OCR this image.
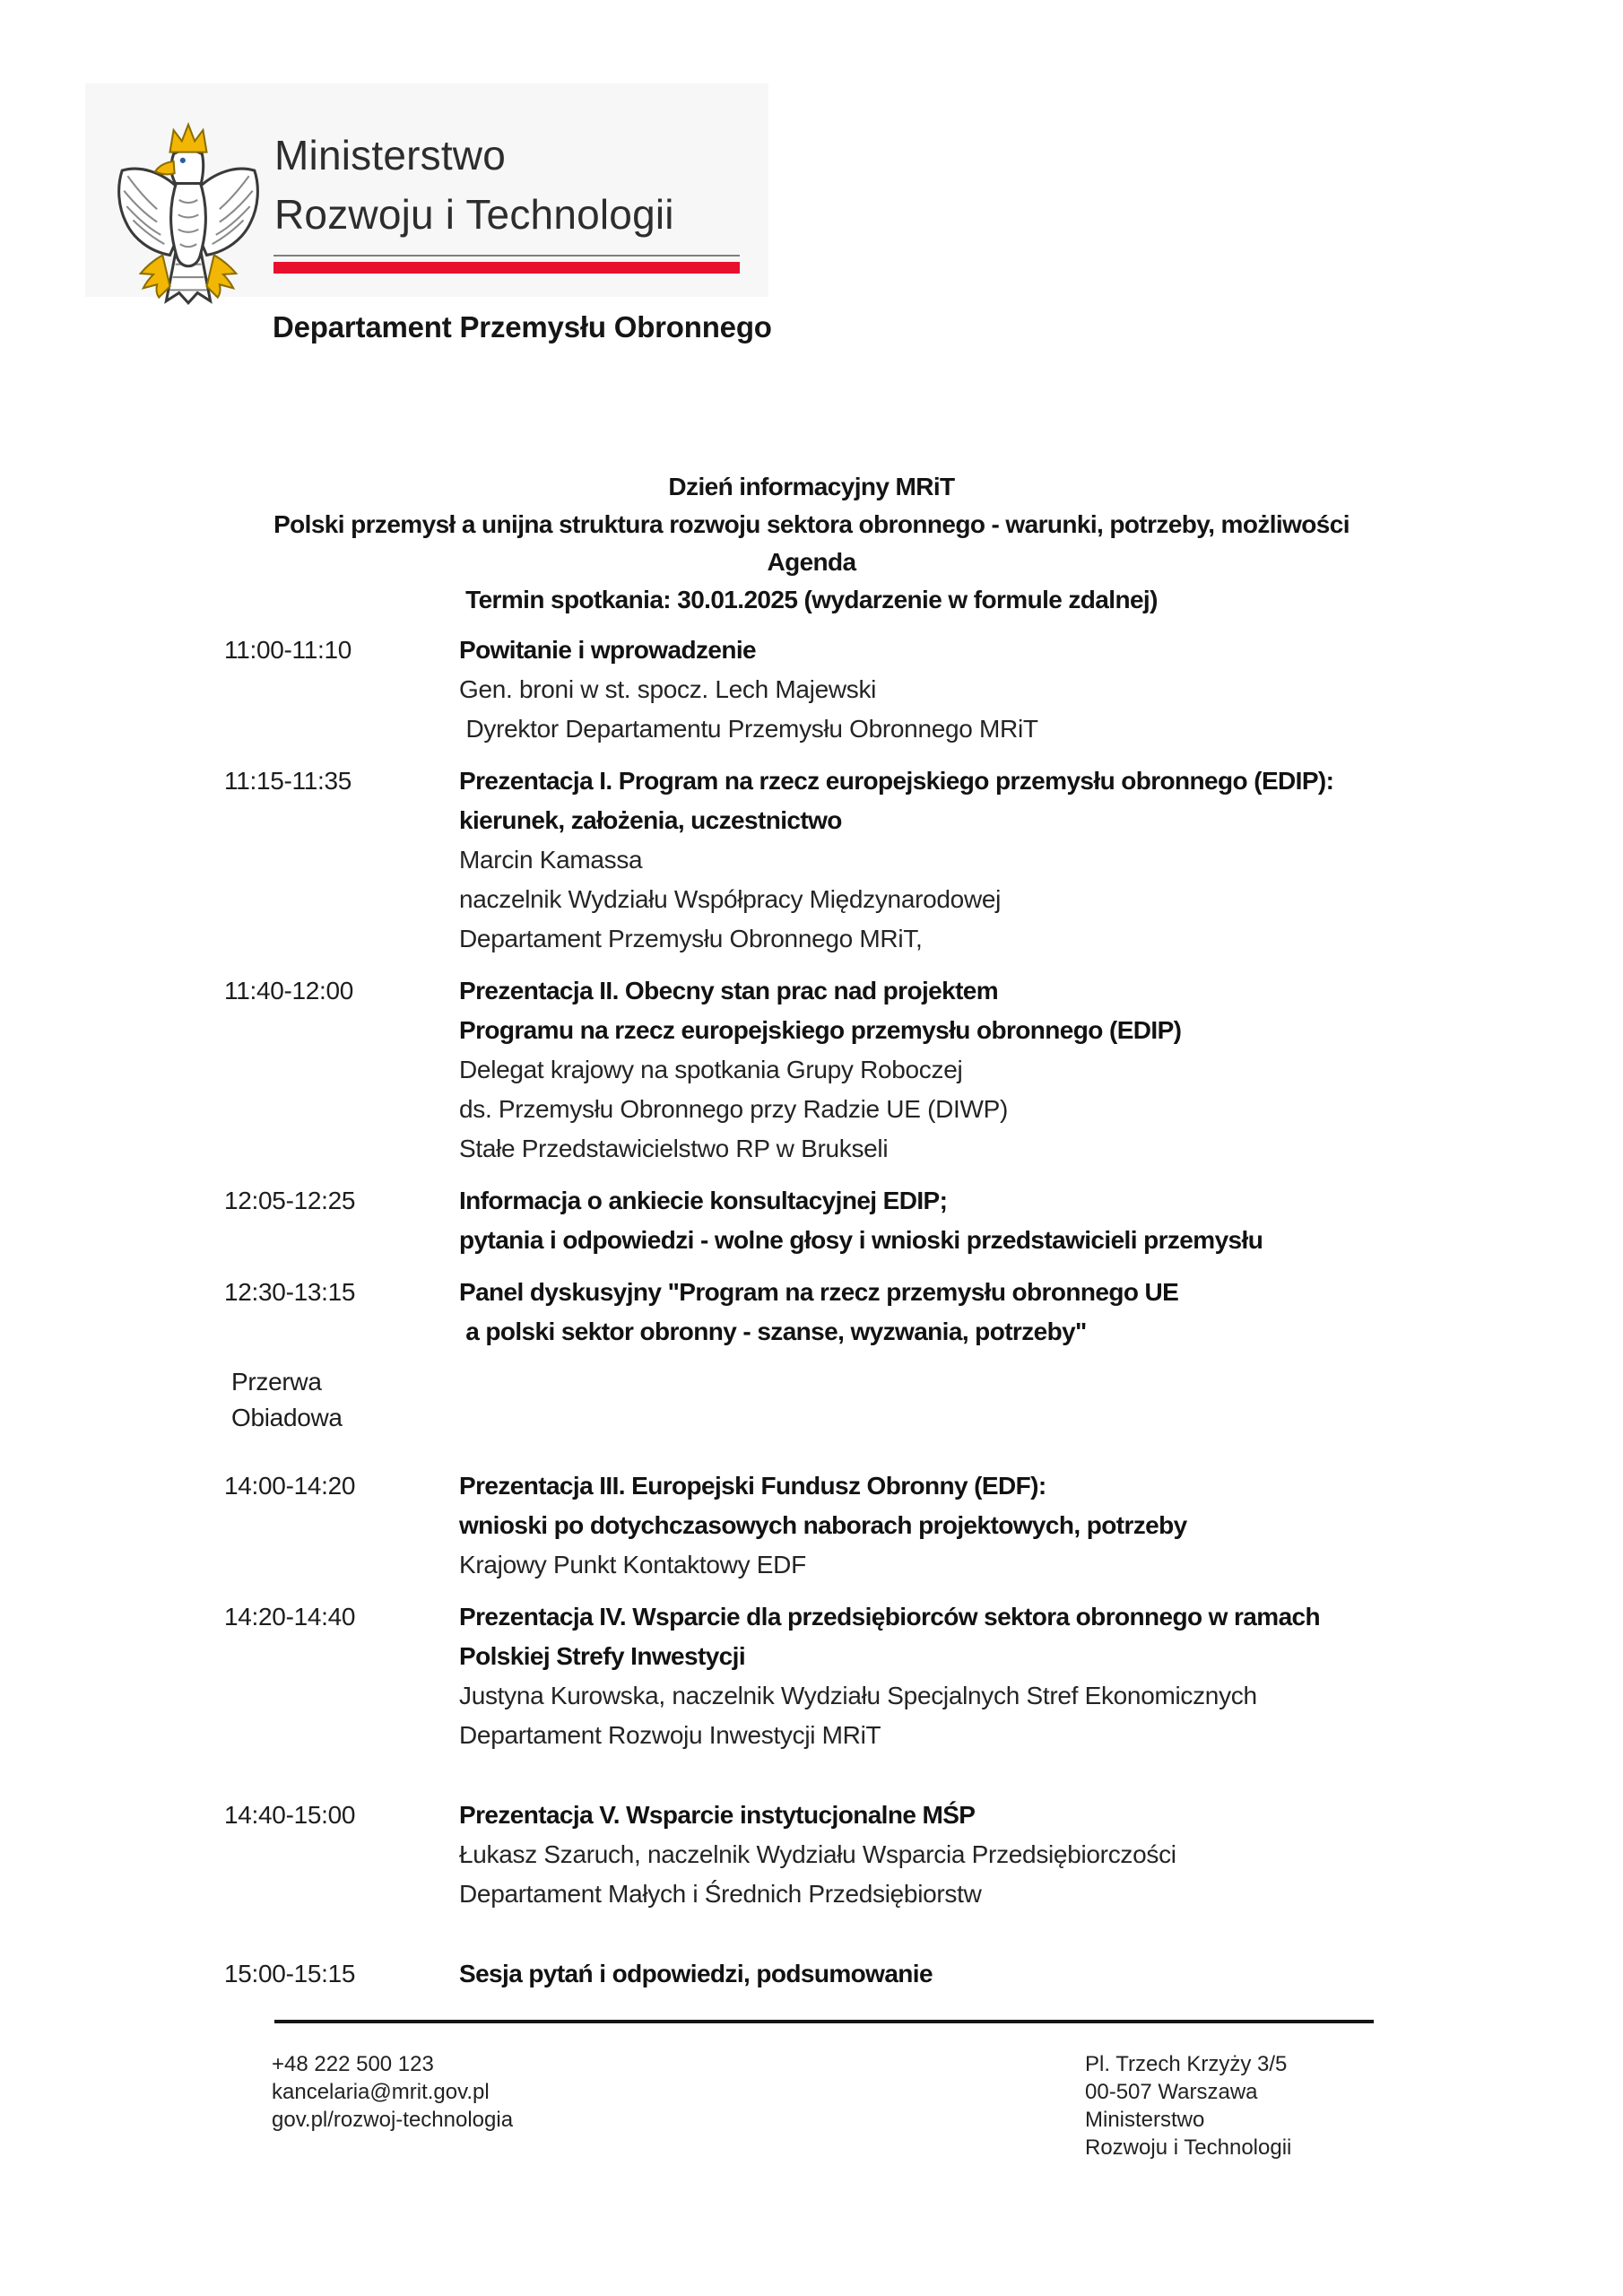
Ministerstwo
Rozwoju i Technologii
Departament Przemysłu Obronnego
Dzień informacyjny MRiT
Polski przemysł a unijna struktura rozwoju sektora obronnego - warunki, potrzeby, możliwości
Agenda
Termin spotkania: 30.01.2025 (wydarzenie w formule zdalnej)
11:00-11:10	Powitanie i wprowadzenie
Gen. broni w st. spocz. Lech Majewski
Dyrektor Departamentu Przemysłu Obronnego MRiT
11:15-11:35	Prezentacja I. Program na rzecz europejskiego przemysłu obronnego (EDIP):
kierunek, założenia, uczestnictwo
Marcin Kamassa
naczelnik Wydziału Współpracy Międzynarodowej
Departament Przemysłu Obronnego MRiT,
11:40-12:00	Prezentacja II. Obecny stan prac nad projektem
Programu na rzecz europejskiego przemysłu obronnego (EDIP)
Delegat krajowy na spotkania Grupy Roboczej
ds. Przemysłu Obronnego przy Radzie UE (DIWP)
Stałe Przedstawicielstwo RP w Brukseli
12:05-12:25	Informacja o ankiecie konsultacyjnej EDIP;
pytania i odpowiedzi - wolne głosy i wnioski przedstawicieli przemysłu
12:30-13:15	Panel dyskusyjny "Program na rzecz przemysłu obronnego UE
a polski sektor obronny - szanse, wyzwania, potrzeby"
Przerwa
Obiadowa
14:00-14:20	Prezentacja III. Europejski Fundusz Obronny (EDF):
wnioski po dotychczasowych naborach projektowych, potrzeby
Krajowy Punkt Kontaktowy EDF
14:20-14:40	Prezentacja IV. Wsparcie dla przedsiębiorców sektora obronnego w ramach
Polskiej Strefy Inwestycji
Justyna Kurowska, naczelnik Wydziału Specjalnych Stref Ekonomicznych
Departament Rozwoju Inwestycji MRiT
14:40-15:00	Prezentacja V. Wsparcie instytucjonalne MŚP
Łukasz Szaruch, naczelnik Wydziału Wsparcia Przedsiębiorczości
Departament Małych i Średnich Przedsiębiorstw
15:00-15:15	Sesja pytań i odpowiedzi, podsumowanie
+48 222 500 123
kancelaria@mrit.gov.pl
gov.pl/rozwoj-technologia
Pl. Trzech Krzyży 3/5
00-507 Warszawa
Ministerstwo
Rozwoju i Technologii
